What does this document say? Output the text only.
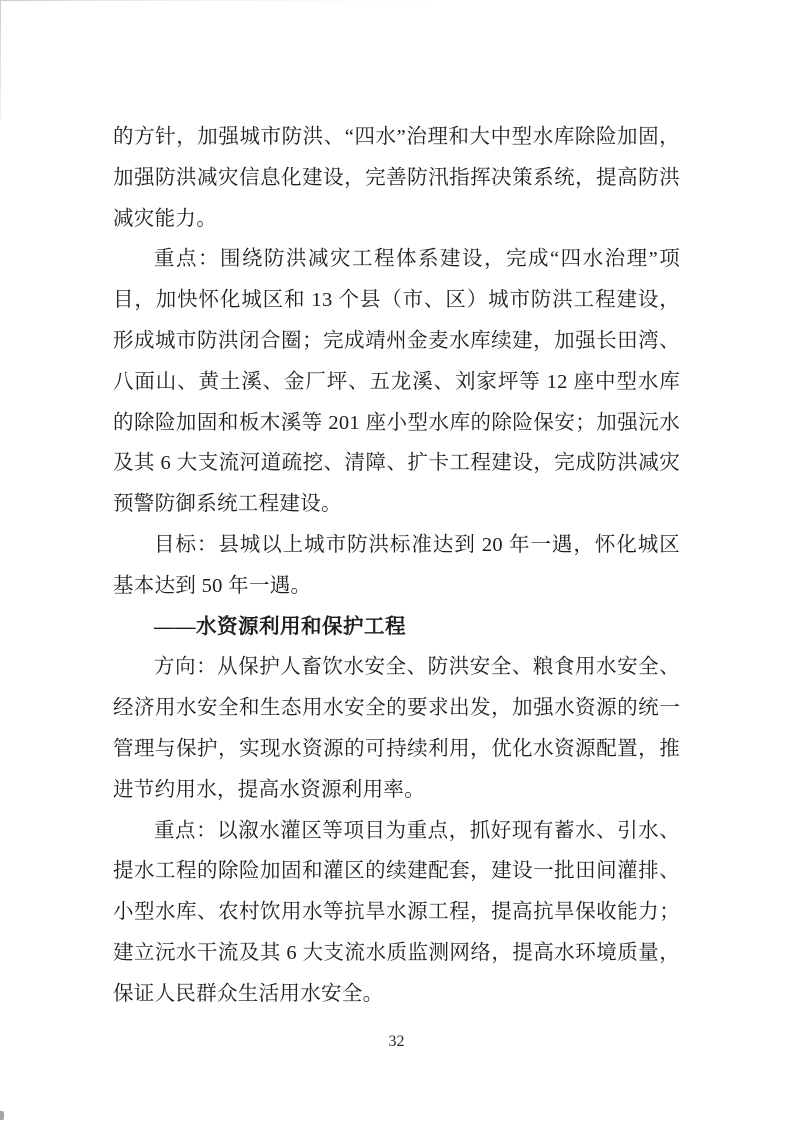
的方针，加强城市防洪、“四水”治理和大中型水库除险加固，加强防洪减灾信息化建设，完善防汛指挥决策系统，提高防洪减灾能力。

重点：围绕防洪减灾工程体系建设，完成“四水治理”项目，加快怀化城区和 13 个县（市、区）城市防洪工程建设，形成城市防洪闭合圈；完成靖州金麦水库续建，加强长田湾、八面山、黄土溪、金厂坪、五龙溪、刘家坪等 12 座中型水库的除险加固和板木溪等 201 座小型水库的除险保安；加强沅水及其 6 大支流河道疏挖、清障、扩卡工程建设，完成防洪减灾预警防御系统工程建设。

目标：县城以上城市防洪标准达到 20 年一遇，怀化城区基本达到 50 年一遇。

——水资源利用和保护工程

方向：从保护人畜饮水安全、防洪安全、粮食用水安全、经济用水安全和生态用水安全的要求出发，加强水资源的统一管理与保护，实现水资源的可持续利用，优化水资源配置，推进节约用水，提高水资源利用率。

重点：以溆水灌区等项目为重点，抓好现有蓄水、引水、提水工程的除险加固和灌区的续建配套，建设一批田间灌排、小型水库、农村饮用水等抗旱水源工程，提高抗旱保收能力；建立沅水干流及其 6 大支流水质监测网络，提高水环境质量，保证人民群众生活用水安全。

32
